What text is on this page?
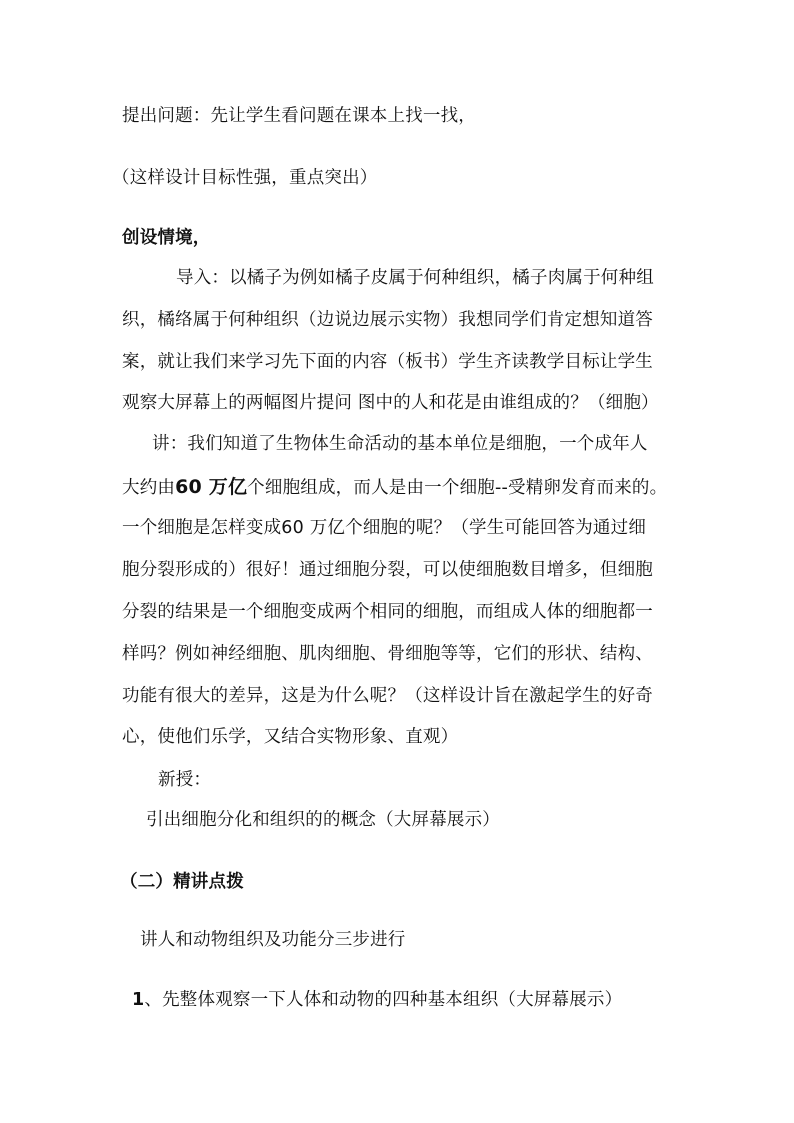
提出问题：先让学生看问题在课本上找一找，
（这样设计目标性强，重点突出）
创设情境，
导入：以橘子为例如橘子皮属于何种组织，橘子肉属于何种组
织，橘络属于何种组织（边说边展示实物）我想同学们肯定想知道答
案，就让我们来学习先下面的内容（板书）学生齐读教学目标让学生
观察大屏幕上的两幅图片提问 图中的人和花是由谁组成的？（细胞）
讲：我们知道了生物体生命活动的基本单位是细胞，一个成年人
大约由60 万亿个细胞组成，而人是由一个细胞--受精卵发育而来的。
一个细胞是怎样变成60 万亿个细胞的呢？（学生可能回答为通过细
胞分裂形成的）很好！通过细胞分裂，可以使细胞数目增多，但细胞
分裂的结果是一个细胞变成两个相同的细胞，而组成人体的细胞都一
样吗？例如神经细胞、肌肉细胞、骨细胞等等，它们的形状、结构、
功能有很大的差异，这是为什么呢？（这样设计旨在激起学生的好奇
心，使他们乐学，又结合实物形象、直观）
新授：
引出细胞分化和组织的的概念（大屏幕展示）
（二）精讲点拨
讲人和动物组织及功能分三步进行
1、先整体观察一下人体和动物的四种基本组织（大屏幕展示）
